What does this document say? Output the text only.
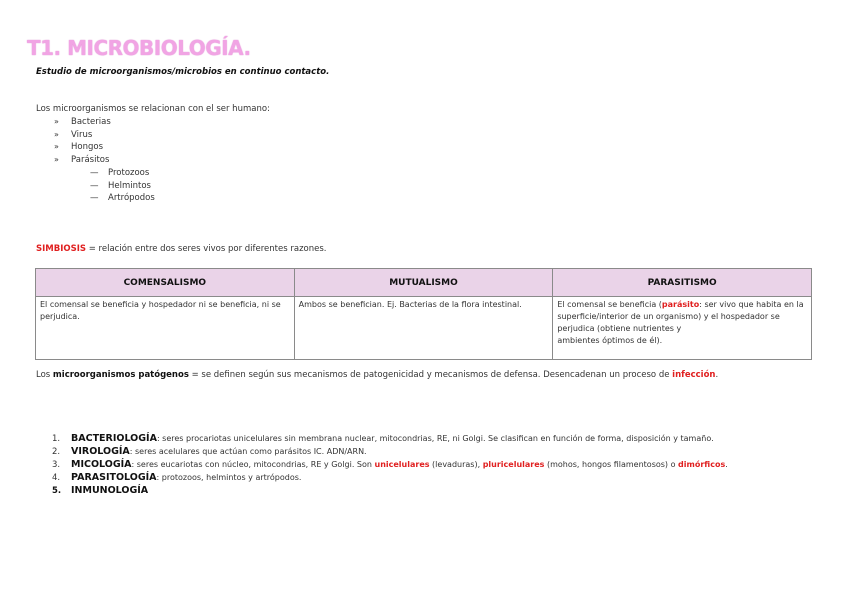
T1. MICROBIOLOGÍA.
Estudio de microorganismos/microbios en continuo contacto.
Los microorganismos se relacionan con el ser humano:
» Bacterias
» Virus
» Hongos
» Parásitos
— Protozoos
— Helmintos
— Artrópodos
SIMBIOSIS = relación entre dos seres vivos por diferentes razones.
COMENSALISMO	MUTUALISMO	PARASITISMO
El comensal se beneficia y hospedador ni se beneficia, ni se perjudica.	Ambos se benefician. Ej. Bacterias de la flora intestinal.	El comensal se beneficia (parásito: ser vivo que habita en la
superficie/interior de un organismo) y el hospedador se
perjudica (obtiene nutrientes y
ambientes óptimos de él).
Los microorganismos patógenos = se definen según sus mecanismos de patogenicidad y mecanismos de defensa. Desencadenan un proceso de infección.
1. BACTERIOLOGÍA: seres procariotas unicelulares sin membrana nuclear, mitocondrias, RE, ni Golgi. Se clasifican en función de forma, disposición y tamaño.
2. VIROLOGÍA: seres acelulares que actúan como parásitos IC. ADN/ARN.
3. MICOLOGÍA: seres eucariotas con núcleo, mitocondrias, RE y Golgi. Son unicelulares (levaduras), pluricelulares (mohos, hongos filamentosos) o dimórficos.
4. PARASITOLOGÍA: protozoos, helmintos y artrópodos.
5. INMUNOLOGÍA
